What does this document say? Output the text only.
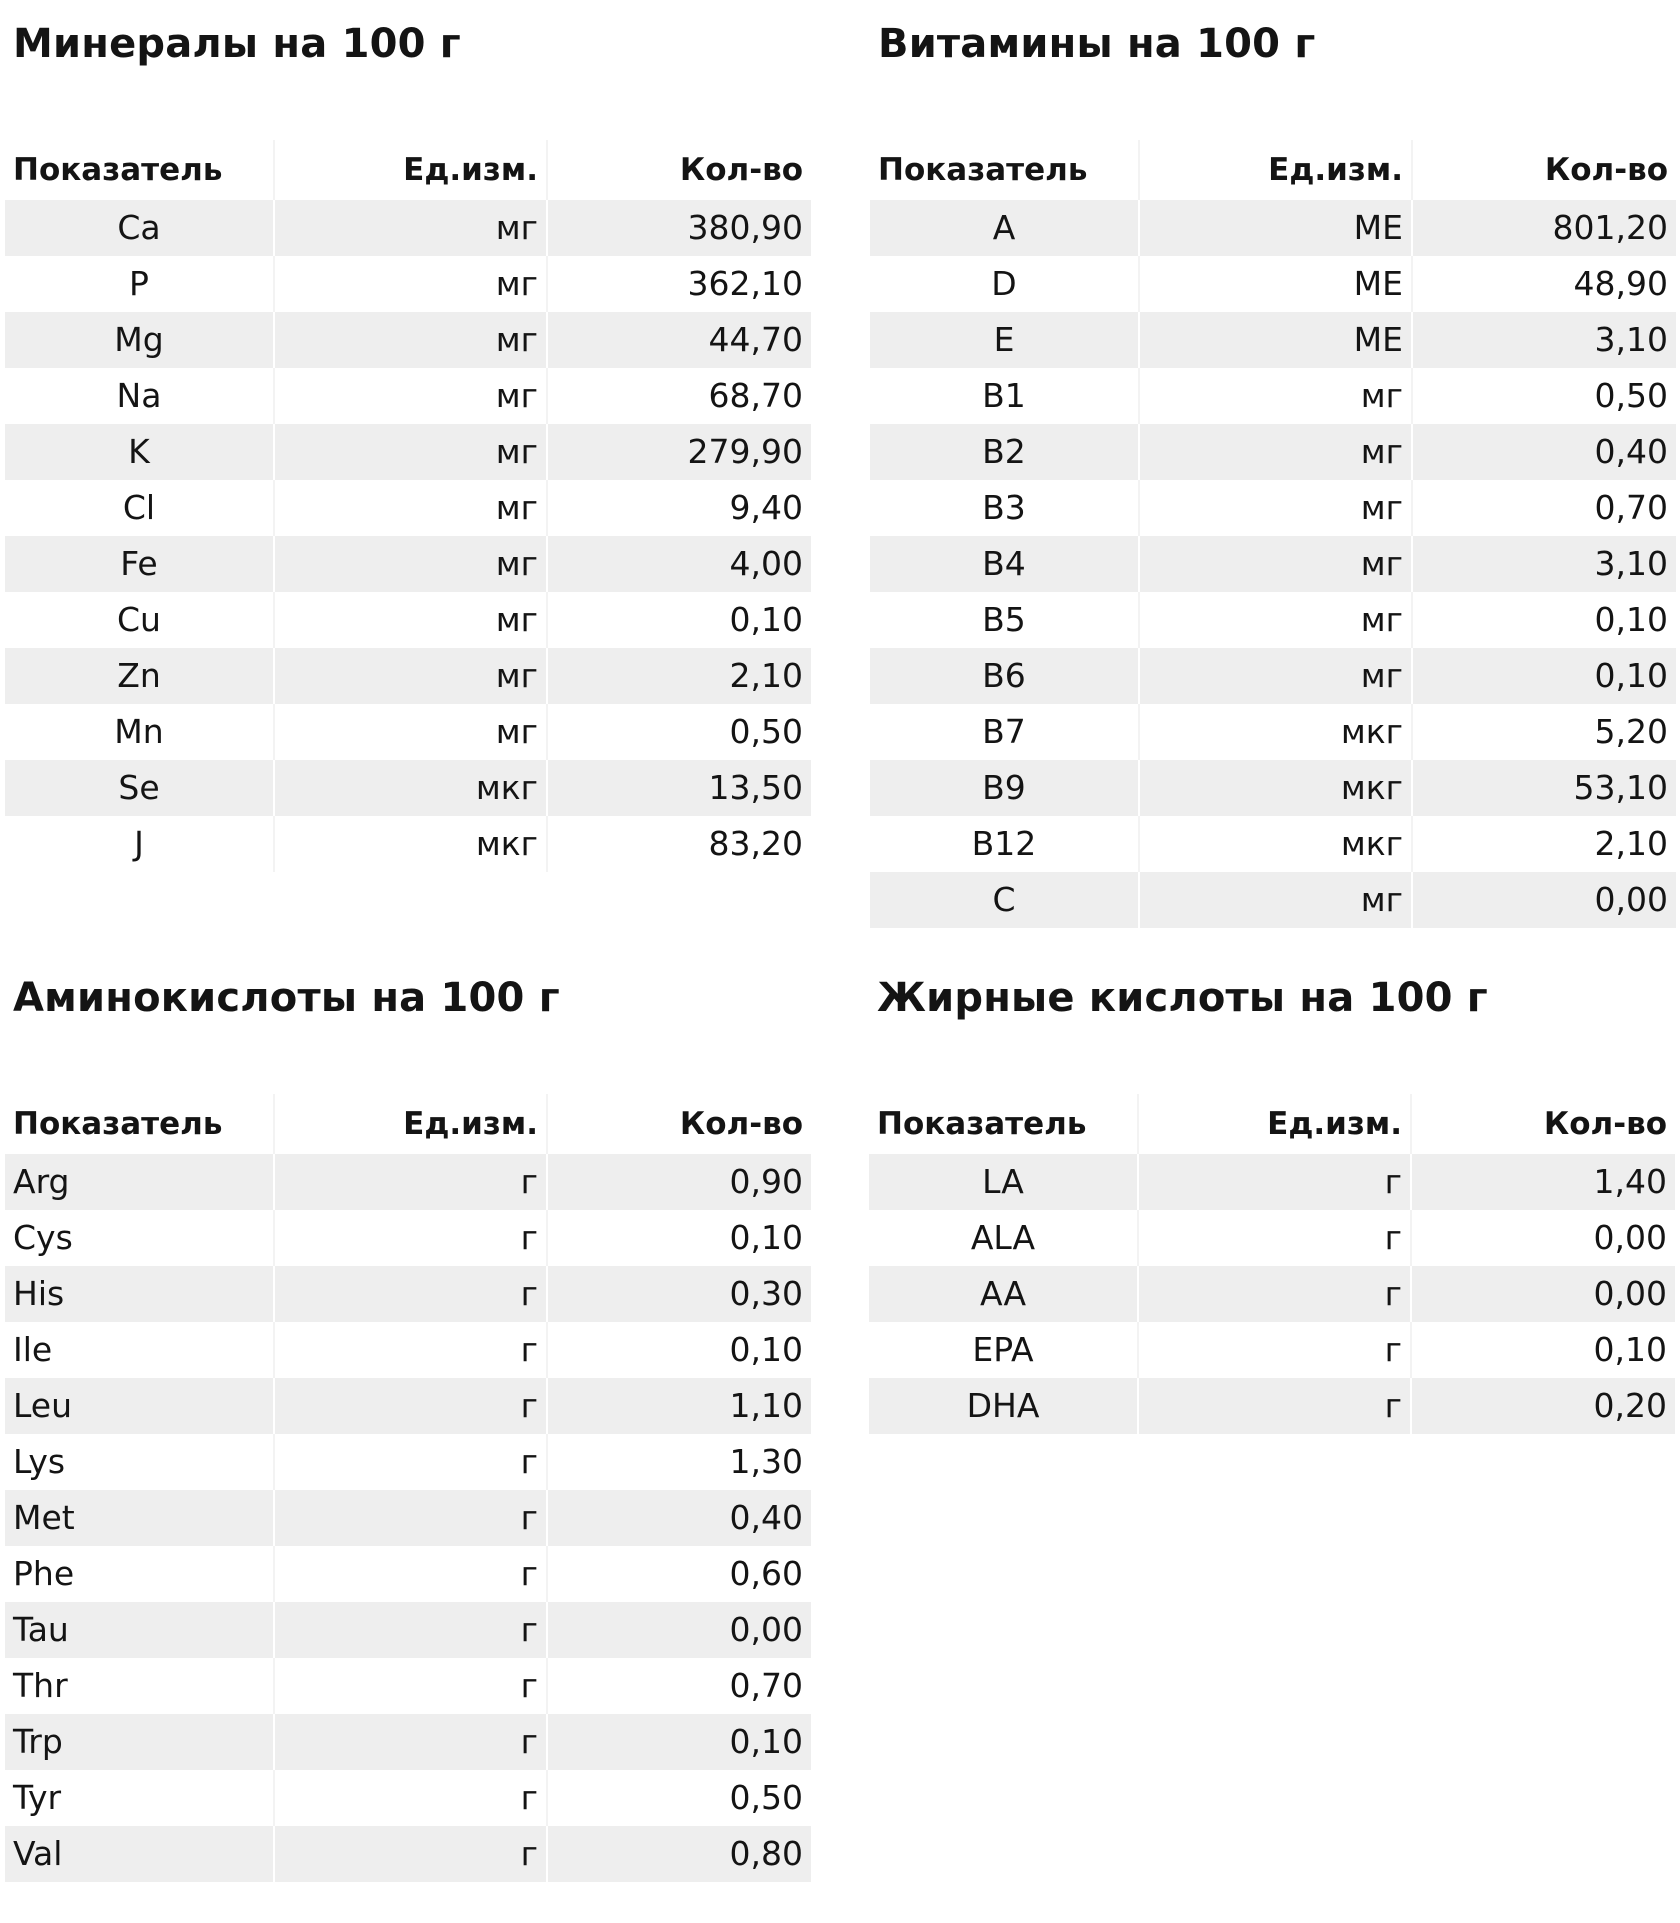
Минералы на 100 г
Показатель	Ед.изм.	Кол-во
Ca	мг	380,90
P	мг	362,10
Mg	мг	44,70
Na	мг	68,70
K	мг	279,90
Cl	мг	9,40
Fe	мг	4,00
Cu	мг	0,10
Zn	мг	2,10
Mn	мг	0,50
Se	мкг	13,50
J	мкг	83,20
Витамины на 100 г
Показатель	Ед.изм.	Кол-во
A	МЕ	801,20
D	МЕ	48,90
E	МЕ	3,10
B1	мг	0,50
B2	мг	0,40
B3	мг	0,70
B4	мг	3,10
B5	мг	0,10
B6	мг	0,10
B7	мкг	5,20
B9	мкг	53,10
B12	мкг	2,10
C	мг	0,00
Аминокислоты на 100 г
Показатель	Ед.изм.	Кол-во
Arg	г	0,90
Cys	г	0,10
His	г	0,30
Ile	г	0,10
Leu	г	1,10
Lys	г	1,30
Met	г	0,40
Phe	г	0,60
Tau	г	0,00
Thr	г	0,70
Trp	г	0,10
Tyr	г	0,50
Val	г	0,80
Жирные кислоты на 100 г
Показатель	Ед.изм.	Кол-во
LA	г	1,40
ALA	г	0,00
AA	г	0,00
EPA	г	0,10
DHA	г	0,20
